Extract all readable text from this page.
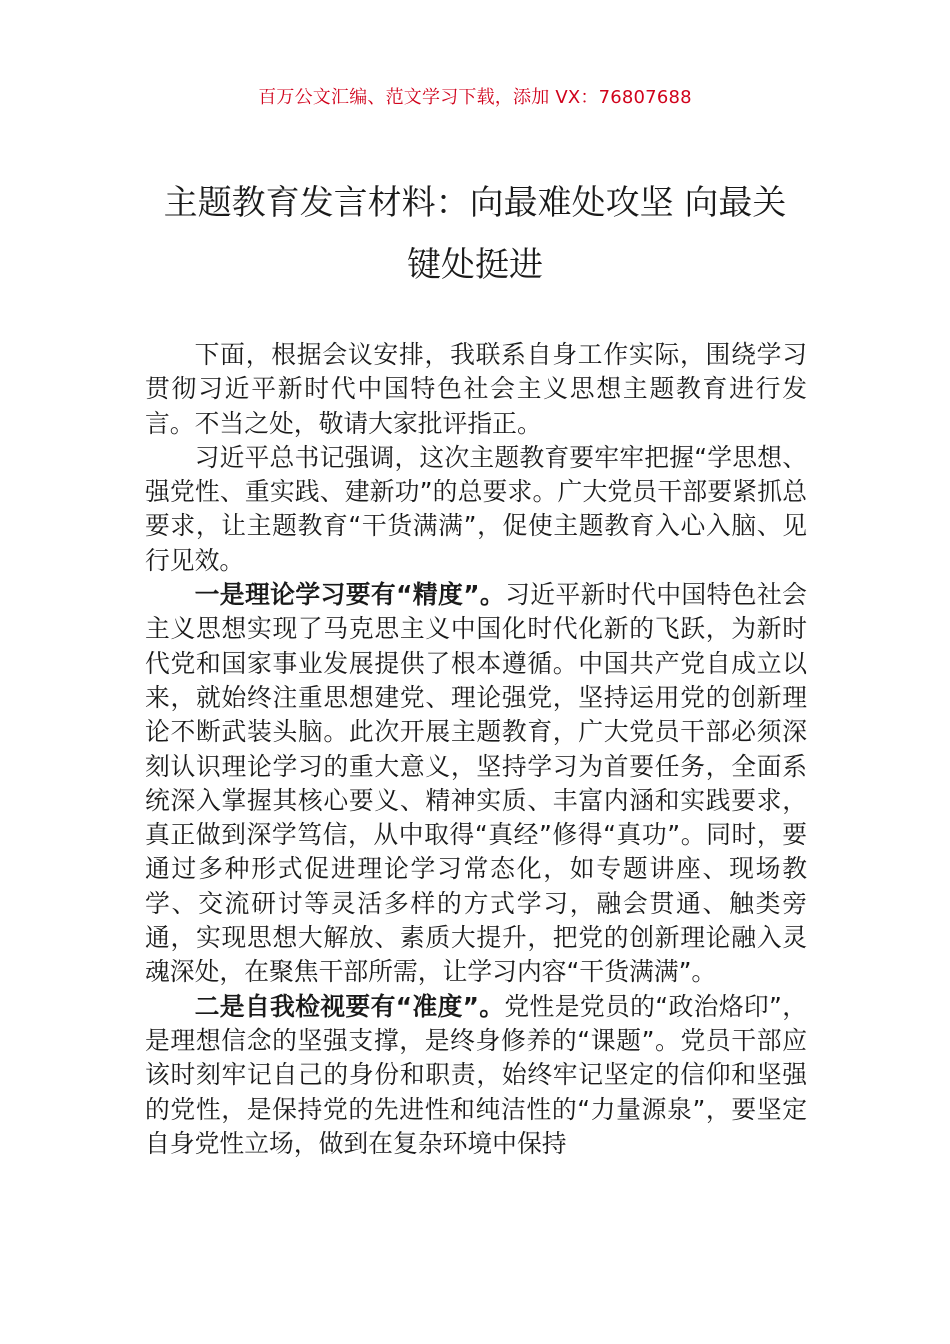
百万公文汇编、范文学习下载，添加 VX：76807688
主题教育发言材料：向最难处攻坚 向最关
键处挺进

下面，根据会议安排，我联系自身工作实际，围绕学习贯彻习近平新时代中国特色社会主义思想主题教育进行发言。不当之处，敬请大家批评指正。

习近平总书记强调，这次主题教育要牢牢把握“学思想、强党性、重实践、建新功”的总要求。广大党员干部要紧抓总要求，让主题教育“干货满满”，促使主题教育入心入脑、见行见效。

一是理论学习要有“精度”。习近平新时代中国特色社会主义思想实现了马克思主义中国化时代化新的飞跃，为新时代党和国家事业发展提供了根本遵循。中国共产党自成立以来，就始终注重思想建党、理论强党，坚持运用党的创新理论不断武装头脑。此次开展主题教育，广大党员干部必须深刻认识理论学习的重大意义，坚持学习为首要任务，全面系统深入掌握其核心要义、精神实质、丰富内涵和实践要求，真正做到深学笃信，从中取得“真经”修得“真功”。同时，要通过多种形式促进理论学习常态化，如专题讲座、现场教学、交流研讨等灵活多样的方式学习，融会贯通、触类旁通，实现思想大解放、素质大提升，把党的创新理论融入灵魂深处，在聚焦干部所需，让学习内容“干货满满”。

二是自我检视要有“准度”。党性是党员的“政治烙印”，是理想信念的坚强支撑，是终身修养的“课题”。党员干部应该时刻牢记自己的身份和职责，始终牢记坚定的信仰和坚强的党性，是保持党的先进性和纯洁性的“力量源泉”，要坚定自身党性立场，做到在复杂环境中保持
